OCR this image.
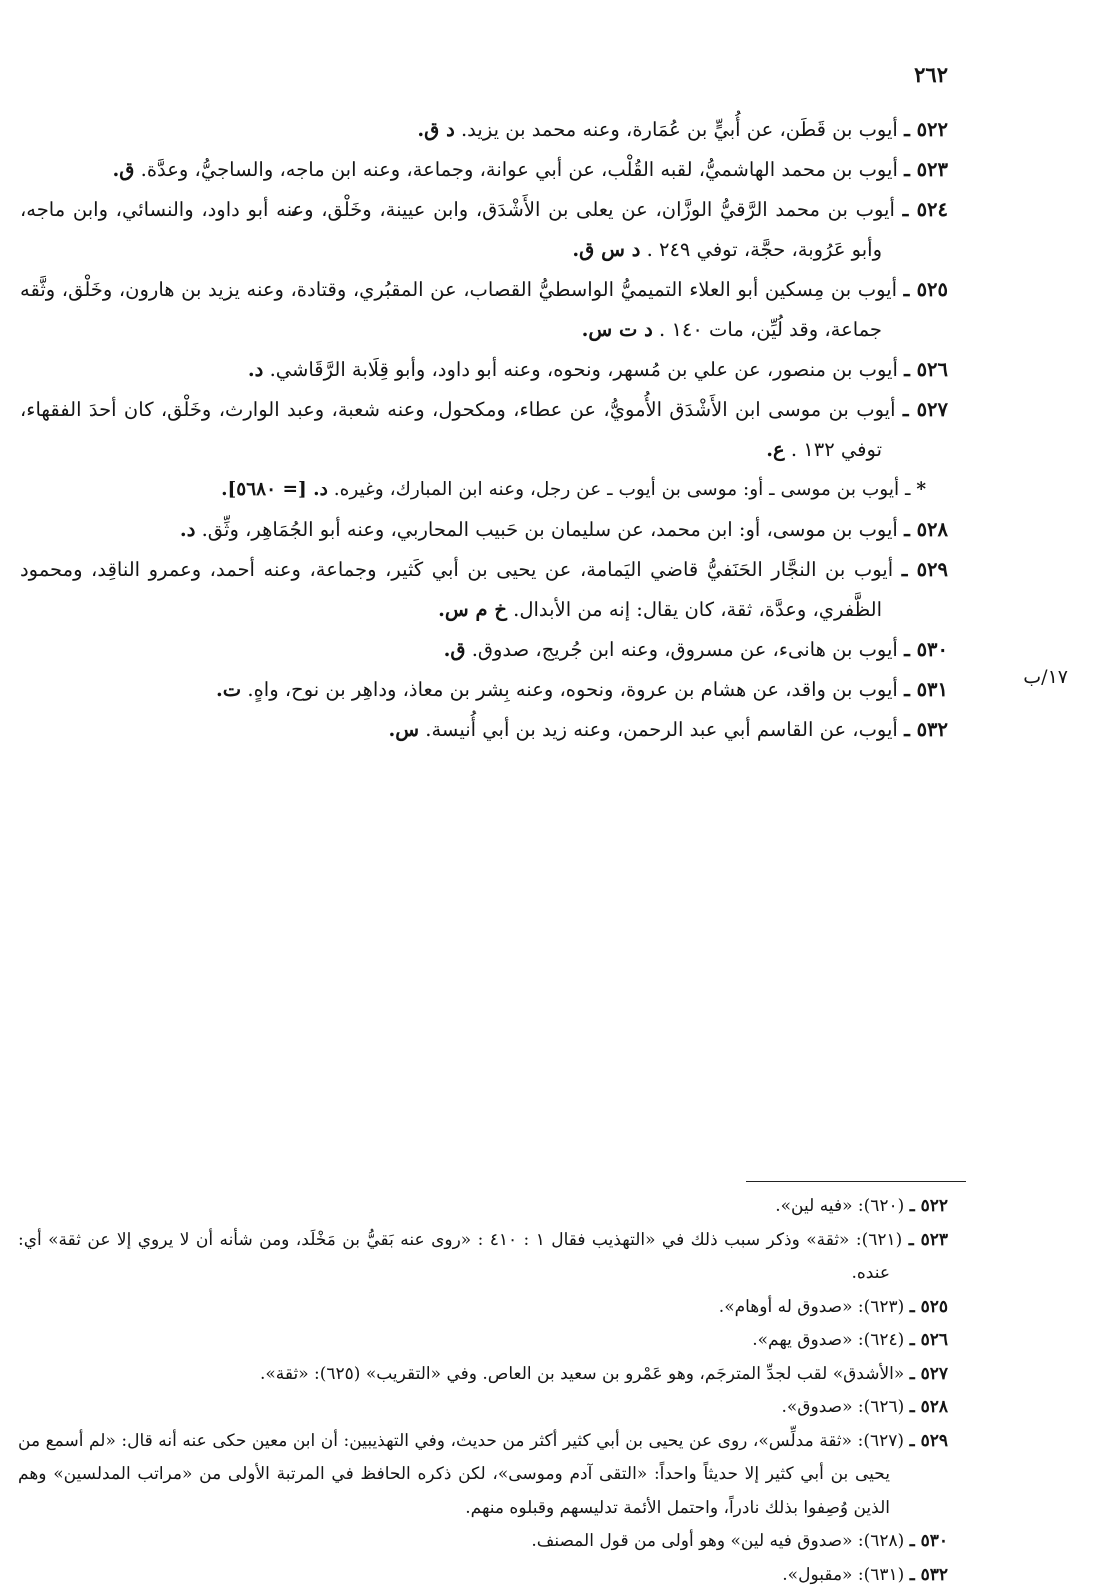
٢٦٢
١٧/ب

٥٢٢ ـ أيوب بن قَطَن، عن أُبيٍّ بن عُمَارة، وعنه محمد بن يزيد. د ق.

٥٢٣ ـ أيوب بن محمد الهاشميُّ، لقبه القُلْب، عن أبي عوانة، وجماعة، وعنه ابن ماجه، والساجيُّ، وعدَّة. ق.

٥٢٤ ـ أيوب بن محمد الرَّقيُّ الوزَّان، عن يعلى بن الأَشْدَق، وابن عيينة، وخَلْق، وعنه أبو داود، والنسائي، وابن ماجه، وأبو عَرُوبة، حجَّة، توفي ٢٤٩ . د س ق.

٥٢٥ ـ أيوب بن مِسكين أبو العلاء التميميُّ الواسطيُّ القصاب، عن المقبُري، وقتادة، وعنه يزيد بن هارون، وخَلْق، وثَّقه جماعة، وقد لُيِّن، مات ١٤٠ . د ت س.

٥٢٦ ـ أيوب بن منصور، عن علي بن مُسهر، ونحوه، وعنه أبو داود، وأبو قِلَابة الرَّقَاشي. د.

٥٢٧ ـ أيوب بن موسى ابن الأَشْدَق الأُمويُّ، عن عطاء، ومكحول، وعنه شعبة، وعبد الوارث، وخَلْق، كان أحدَ الفقهاء، توفي ١٣٢ . ع.

* ـ أيوب بن موسى ـ أو: موسى بن أيوب ـ عن رجل، وعنه ابن المبارك، وغيره. د. [= ٥٦٨٠].

٥٢٨ ـ أيوب بن موسى، أو: ابن محمد، عن سليمان بن حَبيب المحاربي، وعنه أبو الجُمَاهِر، وثِّق. د.

٥٢٩ ـ أيوب بن النجَّار الحَنَفيُّ قاضي اليَمامة، عن يحيى بن أبي كَثير، وجماعة، وعنه أحمد، وعمرو الناقِد، ومحمود الظَّفري، وعدَّة، ثقة، كان يقال: إنه من الأبدال. خ م س.

٥٣٠ ـ أيوب بن هانىء، عن مسروق، وعنه ابن جُريج، صدوق. ق.

٥٣١ ـ أيوب بن واقد، عن هشام بن عروة، ونحوه، وعنه بِشر بن معاذ، وداهِر بن نوح، واهٍ. ت.

٥٣٢ ـ أيوب، عن القاسم أبي عبد الرحمن، وعنه زيد بن أبي أُنيسة. س.

٥٢٢ ـ (٦٢٠): «فيه لين».

٥٢٣ ـ (٦٢١): «ثقة» وذكر سبب ذلك في «التهذيب فقال ١ : ٤١٠ : «روى عنه بَقيُّ بن مَخْلَد، ومن شأنه أن لا يروي إلا عن ثقة» أي: عنده.

٥٢٥ ـ (٦٢٣): «صدوق له أوهام».

٥٢٦ ـ (٦٢٤): «صدوق يهم».

٥٢٧ ـ «الأشدق» لقب لجدِّ المترجَم، وهو عَمْرو بن سعيد بن العاص. وفي «التقريب» (٦٢٥): «ثقة».

٥٢٨ ـ (٦٢٦): «صدوق».

٥٢٩ ـ (٦٢٧): «ثقة مدلِّس»، روى عن يحيى بن أبي كثير أكثر من حديث، وفي التهذيبين: أن ابن معين حكى عنه أنه قال: «لم أسمع من يحيى بن أبي كثير إلا حديثاً واحداً: «التقى آدم وموسى»، لكن ذكره الحافظ في المرتبة الأولى من «مراتب المدلسين» وهم الذين وُصِفوا بذلك نادراً، واحتمل الأئمة تدليسهم وقبلوه منهم.

٥٣٠ ـ (٦٢٨): «صدوق فيه لين» وهو أولى من قول المصنف.

٥٣٢ ـ (٦٣١): «مقبول».
